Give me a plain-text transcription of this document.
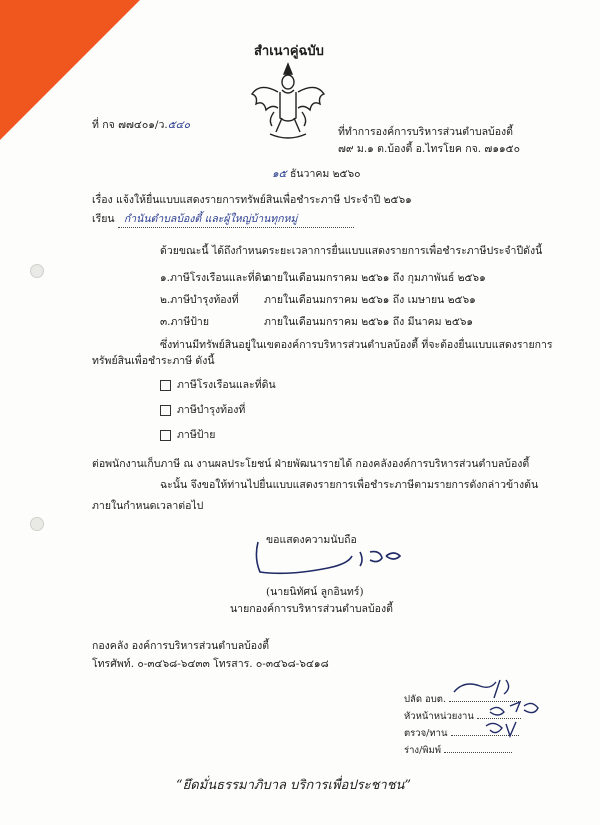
สำเนาคู่ฉบับ
ที่ กจ ๗๗๔๐๑/ว.๕๔๐
ที่ทำการองค์การบริหารส่วนตำบลบ้องตี้
๗๙ ม.๑ ต.บ้องตี้ อ.ไทรโยค กจ. ๗๑๑๕๐
๑๕ ธันวาคม ๒๕๖๐
เรื่อง แจ้งให้ยื่นแบบแสดงรายการทรัพย์สินเพื่อชำระภาษี ประจำปี ๒๕๖๑
เรียน กำนันตำบลบ้องตี้ และผู้ใหญ่บ้านทุกหมู่
ด้วยขณะนี้ ได้ถึงกำหนดระยะเวลาการยื่นแบบแสดงรายการเพื่อชำระภาษีประจำปีดังนี้
๑.ภาษีโรงเรือนและที่ดิน
ภายในเดือนมกราคม ๒๕๖๑ ถึง กุมภาพันธ์ ๒๕๖๑
๒.ภาษีบำรุงท้องที่ ภายในเดือนมกราคม ๒๕๖๑ ถึง เมษายน ๒๕๖๑
๓.ภาษีป้าย	ภายในเดือนมกราคม ๒๕๖๑ ถึง มีนาคม ๒๕๖๑
ซึ่งท่านมีทรัพย์สินอยู่ในเขตองค์การบริหารส่วนตำบลบ้องตี้ ที่จะต้องยื่นแบบแสดงรายการ
ทรัพย์สินเพื่อชำระภาษี ดังนี้
ภาษีโรงเรือนและที่ดิน
ภาษีบำรุงท้องที่
ภาษีป้าย
ต่อพนักงานเก็บภาษี ณ งานผลประโยชน์ ฝ่ายพัฒนารายได้ กองคลังองค์การบริหารส่วนตำบลบ้องตี้
ฉะนั้น จึงขอให้ท่านไปยื่นแบบแสดงรายการเพื่อชำระภาษีตามรายการดังกล่าวข้างต้น
ภายในกำหนดเวลาต่อไป
ขอแสดงความนับถือ
(นายนิทัศน์ ลูกอินทร์)
นายกองค์การบริหารส่วนตำบลบ้องตี้
กองคลัง องค์การบริหารส่วนตำบลบ้องตี้
โทรศัพท์. ๐-๓๔๖๘-๖๔๓๓ โทรสาร. ๐-๓๔๖๘-๖๔๑๘
ปลัด อบต.
หัวหน้าหน่วยงาน
ตรวจ/ทาน
ร่าง/พิมพ์
“ยึดมั่นธรรมาภิบาล บริการเพื่อประชาชน”
